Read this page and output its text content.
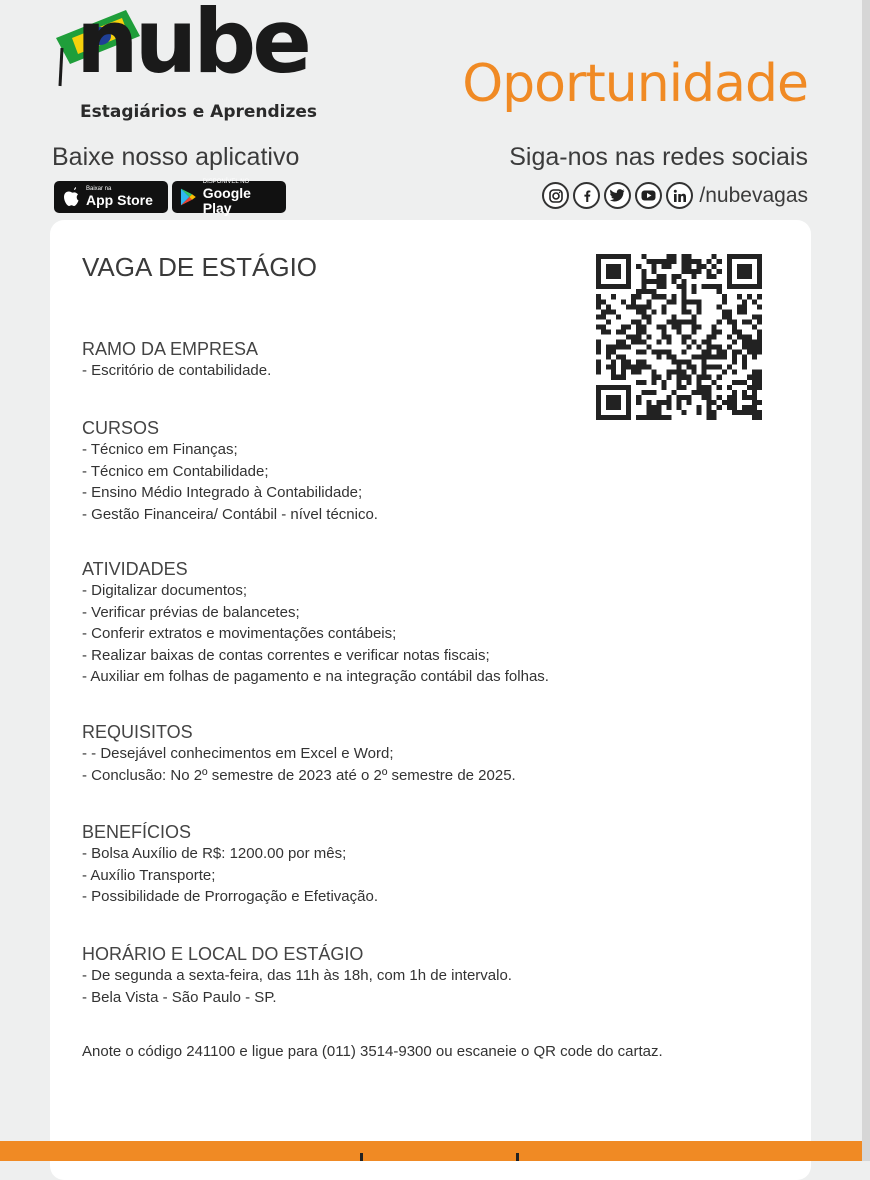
nube
Estagiários e Aprendizes	Oportunidade
Baixe nosso aplicativo	Siga-nos nas redes sociais
Baixar na
App Store
DISPONÍVEL NO
Google Play
/nubevagas
VAGA DE ESTÁGIO
RAMO DA EMPRESA
- Escritório de contabilidade.
CURSOS
- Técnico em Finanças;
- Técnico em Contabilidade;
- Ensino Médio Integrado à Contabilidade;
- Gestão Financeira/ Contábil - nível técnico.
ATIVIDADES
- Digitalizar documentos;
- Verificar prévias de balancetes;
- Conferir extratos e movimentações contábeis;
- Realizar baixas de contas correntes e verificar notas fiscais;
- Auxiliar em folhas de pagamento e na integração contábil das folhas.
REQUISITOS
- - Desejável conhecimentos em Excel e Word;
- Conclusão: No 2º semestre de 2023 até o 2º semestre de 2025.
BENEFÍCIOS
- Bolsa Auxílio de R$: 1200.00 por mês;
- Auxílio Transporte;
- Possibilidade de Prorrogação e Efetivação.
HORÁRIO E LOCAL DO ESTÁGIO
- De segunda a sexta-feira, das 11h às 18h, com 1h de intervalo.
- Bela Vista - São Paulo - SP.
Anote o código 241100 e ligue para (011) 3514-9300 ou escaneie o QR code do cartaz.
